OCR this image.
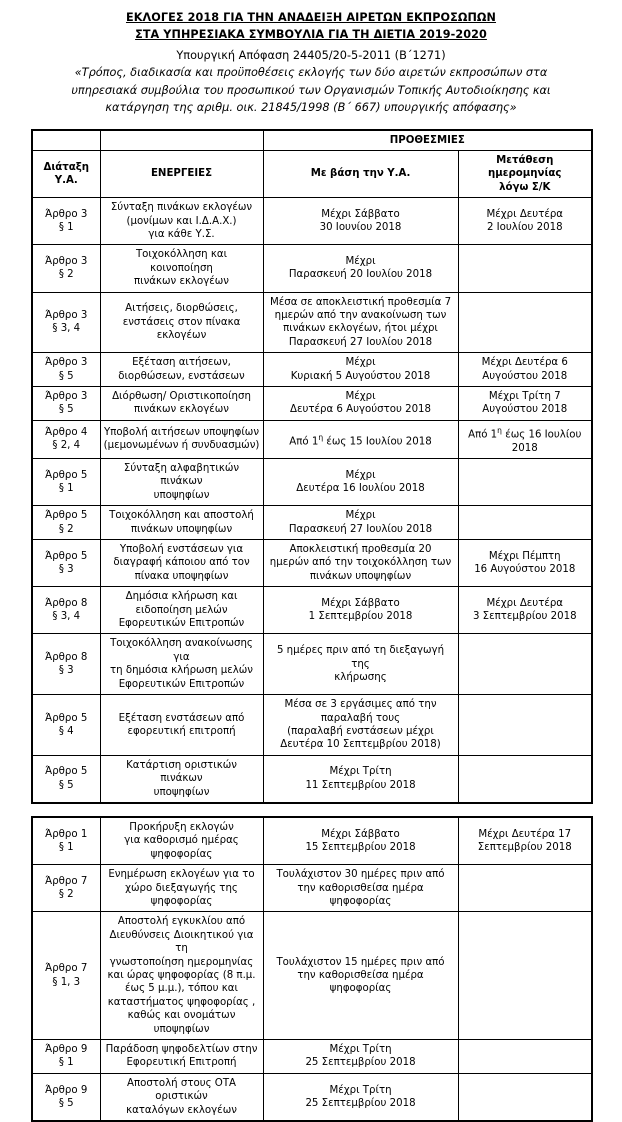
ΕΚΛΟΓΕΣ 2018 ΓΙΑ ΤΗΝ ΑΝΑΔΕΙΞΗ ΑΙΡΕΤΩΝ ΕΚΠΡΟΣΩΠΩΝ
ΣΤΑ ΥΠΗΡΕΣΙΑΚΑ ΣΥΜΒΟΥΛΙΑ ΓΙΑ ΤΗ ΔΙΕΤΙΑ 2019-2020
Υπουργική Απόφαση 24405/20-5-2011 (Β΄1271)
«Τρόπος, διαδικασία και προϋποθέσεις εκλογής των δύο αιρετών εκπροσώπων στα
υπηρεσιακά συμβούλια του προσωπικού των Οργανισμών Τοπικής Αυτοδιοίκησης και
κατάργηση της αριθμ. οικ. 21845/1998 (Β΄ 667) υπουργικής απόφασης»
		ΠΡΟΘΕΣΜΙΕΣ	
Διάταξη
Υ.Α.	ΕΝΕΡΓΕΙΕΣ	Με βάση την Υ.Α.	Μετάθεση
ημερομηνίας
λόγω Σ/Κ
Άρθρο 3
§ 1	Σύνταξη πινάκων εκλογέων
(μονίμων και Ι.Δ.Α.Χ.)
για κάθε Υ.Σ.	Μέχρι Σάββατο
30 Ιουνίου 2018	Μέχρι Δευτέρα
2 Ιουλίου 2018
Άρθρο 3
§ 2	Τοιχοκόλληση και κοινοποίηση
πινάκων εκλογέων	Μέχρι
Παρασκευή 20 Ιουλίου 2018	
Άρθρο 3
§ 3, 4	Αιτήσεις, διορθώσεις,
ενστάσεις στον πίνακα
εκλογέων	Μέσα σε αποκλειστική προθεσμία 7
ημερών από την ανακοίνωση των
πινάκων εκλογέων, ήτοι μέχρι
Παρασκευή 27 Ιουλίου 2018	
Άρθρο 3
§ 5	Εξέταση αιτήσεων,
διορθώσεων, ενστάσεων	Μέχρι
Κυριακή 5 Αυγούστου 2018	Μέχρι Δευτέρα 6
Αυγούστου 2018
Άρθρο 3
§ 5	Διόρθωση/ Οριστικοποίηση
πινάκων εκλογέων	Μέχρι
Δευτέρα 6 Αυγούστου 2018	Μέχρι Τρίτη 7
Αυγούστου 2018
Άρθρο 4
§ 2, 4	Υποβολή αιτήσεων υποψηφίων
(μεμονωμένων ή συνδυασμών)	Από $1^\eta$ έως 15 Ιουλίου 2018	Από $1^\eta$ έως 16 Ιουλίου
2018
Άρθρο 5
§ 1	Σύνταξη αλφαβητικών πινάκων
υποψηφίων	Μέχρι
Δευτέρα 16 Ιουλίου 2018	
Άρθρο 5
§ 2	Τοιχοκόλληση και αποστολή
πινάκων υποψηφίων	Μέχρι
Παρασκευή 27 Ιουλίου 2018	
Άρθρο 5
§ 3	Υποβολή ενστάσεων για
διαγραφή κάποιου από τον
πίνακα υποψηφίων	Αποκλειστική προθεσμία 20
ημερών από την τοιχοκόλληση των
πινάκων υποψηφίων	Μέχρι Πέμπτη
16 Αυγούστου 2018
Άρθρο 8
§ 3, 4	Δημόσια κλήρωση και
ειδοποίηση μελών
Εφορευτικών Επιτροπών	Μέχρι Σάββατο
1 Σεπτεμβρίου 2018	Μέχρι Δευτέρα
3 Σεπτεμβρίου 2018
Άρθρο 8
§ 3	Τοιχοκόλληση ανακοίνωσης για
τη δημόσια κλήρωση μελών
Εφορευτικών Επιτροπών	5 ημέρες πριν από τη διεξαγωγή της
κλήρωσης	
Άρθρο 5
§ 4	Εξέταση ενστάσεων από
εφορευτική επιτροπή	Μέσα σε 3 εργάσιμες από την
παραλαβή τους
(παραλαβή ενστάσεων μέχρι
Δευτέρα 10 Σεπτεμβρίου 2018)	
Άρθρο 5
§ 5	Κατάρτιση οριστικών πινάκων
υποψηφίων	Μέχρι Τρίτη
11 Σεπτεμβρίου 2018	
Άρθρο 1
§ 1	Προκήρυξη εκλογών
για καθορισμό ημέρας
ψηφοφορίας	Μέχρι Σάββατο
15 Σεπτεμβρίου 2018	Μέχρι Δευτέρα 17
Σεπτεμβρίου 2018
Άρθρο 7
§ 2	Ενημέρωση εκλογέων για το
χώρο διεξαγωγής της
ψηφοφορίας	Τουλάχιστον 30 ημέρες πριν από
την καθορισθείσα ημέρα
ψηφοφορίας	
Άρθρο 7
§ 1, 3	Αποστολή εγκυκλίου από
Διευθύνσεις Διοικητικού για τη
γνωστοποίηση ημερομηνίας
και ώρας ψηφοφορίας (8 π.μ.
έως 5 μ.μ.), τόπου και
καταστήματος ψηφοφορίας ,
καθώς και ονομάτων
υποψηφίων	Τουλάχιστον 15 ημέρες πριν από
την καθορισθείσα ημέρα
ψηφοφορίας	
Άρθρο 9
§ 1	Παράδοση ψηφοδελτίων στην
Εφορευτική Επιτροπή	Μέχρι Τρίτη
25 Σεπτεμβρίου 2018	
Άρθρο 9
§ 5	Αποστολή στους ΟΤΑ οριστικών
καταλόγων εκλογέων	Μέχρι Τρίτη
25 Σεπτεμβρίου 2018	
